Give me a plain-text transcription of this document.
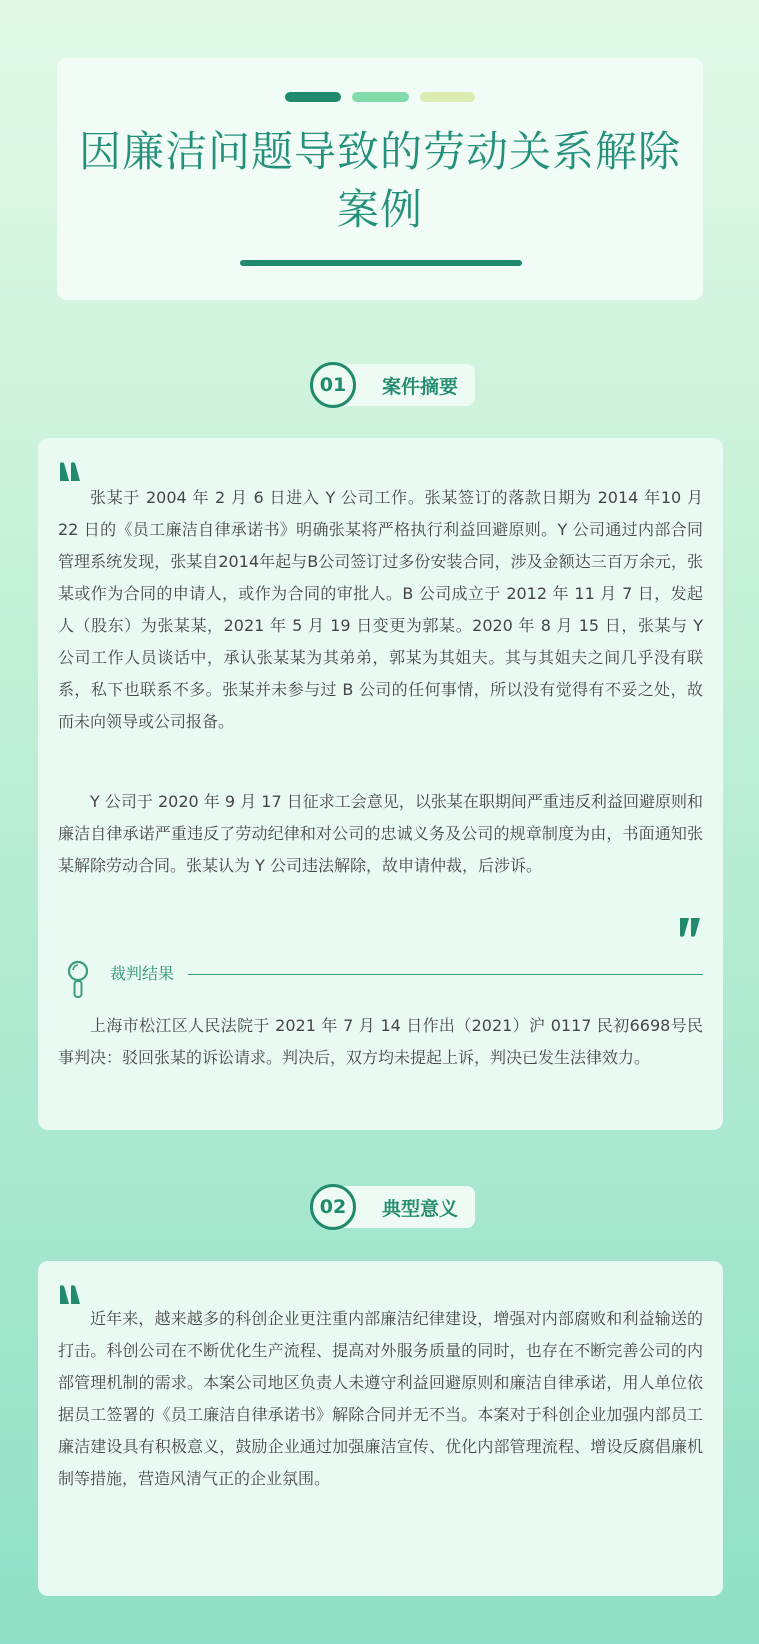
因廉洁问题导致的劳动关系解除案例
案件摘要
01

张某于 2004 年 2 月 6 日进入 Y 公司工作。张某签订的落款日期为 2014 年10 月 22 日的《员工廉洁自律承诺书》明确张某将严格执行利益回避原则。Y 公司通过内部合同管理系统发现，张某自2014年起与B公司签订过多份安装合同，涉及金额达三百万余元，张某或作为合同的申请人，或作为合同的审批人。B 公司成立于 2012 年 11 月 7 日，发起人（股东）为张某某，2021 年 5 月 19 日变更为郭某。2020 年 8 月 15 日，张某与 Y 公司工作人员谈话中，承认张某某为其弟弟，郭某为其姐夫。其与其姐夫之间几乎没有联系，私下也联系不多。张某并未参与过 B 公司的任何事情，所以没有觉得有不妥之处，故而未向领导或公司报备。

Y 公司于 2020 年 9 月 17 日征求工会意见，以张某在职期间严重违反利益回避原则和廉洁自律承诺严重违反了劳动纪律和对公司的忠诚义务及公司的规章制度为由，书面通知张某解除劳动合同。张某认为 Y 公司违法解除，故申请仲裁，后涉诉。

裁判结果

上海市松江区人民法院于 2021 年 7 月 14 日作出（2021）沪 0117 民初6698号民事判决：驳回张某的诉讼请求。判决后，双方均未提起上诉，判决已发生法律效力。

典型意义
02

近年来，越来越多的科创企业更注重内部廉洁纪律建设，增强对内部腐败和利益输送的打击。科创公司在不断优化生产流程、提高对外服务质量的同时，也存在不断完善公司的内部管理机制的需求。本案公司地区负责人未遵守利益回避原则和廉洁自律承诺，用人单位依据员工签署的《员工廉洁自律承诺书》解除合同并无不当。本案对于科创企业加强内部员工廉洁建设具有积极意义，鼓励企业通过加强廉洁宣传、优化内部管理流程、增设反腐倡廉机制等措施，营造风清气正的企业氛围。
